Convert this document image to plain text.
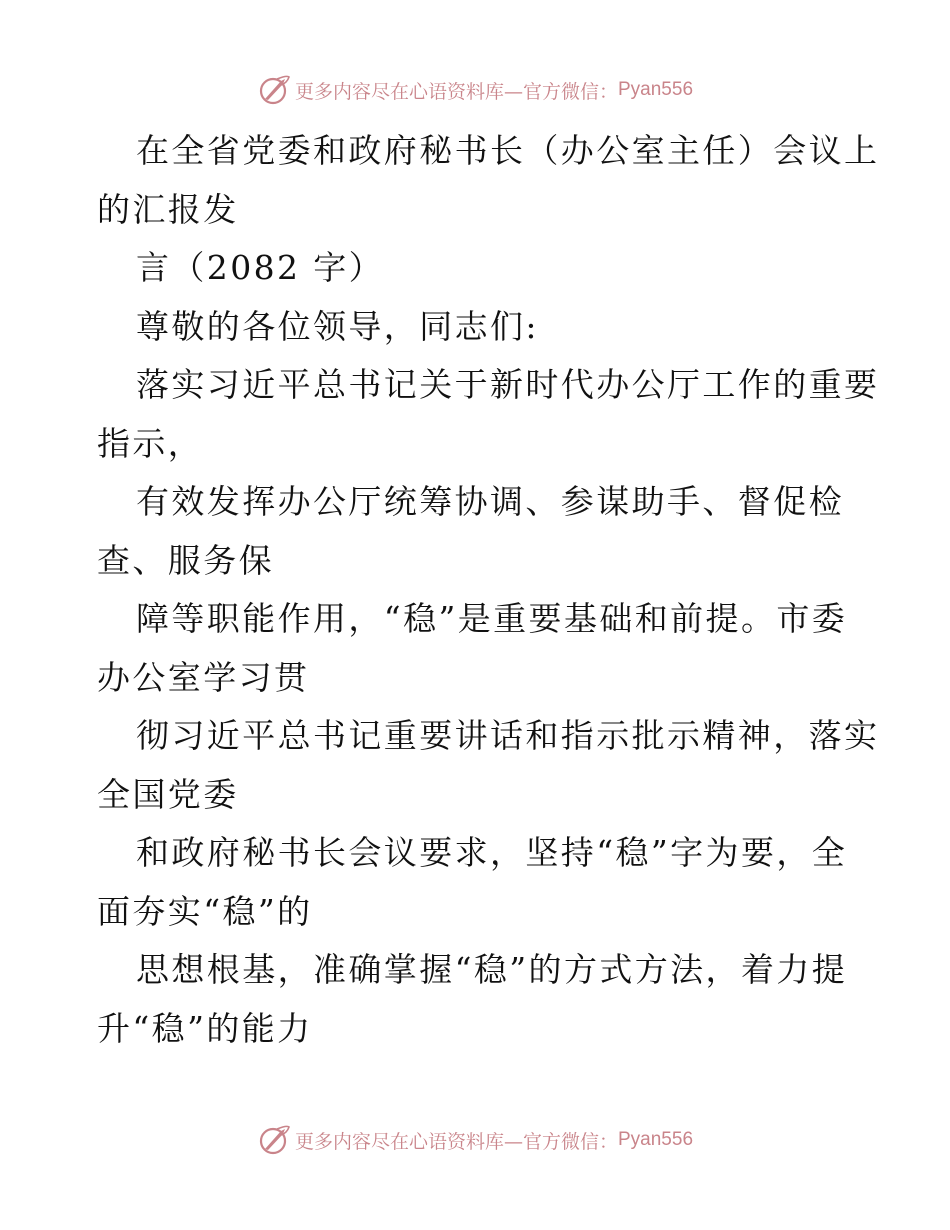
更多内容尽在心语资料库—官方微信： Pyan556
在全省党委和政府秘书长（办公室主任）会议上
的汇报发
言（2082 字）
尊敬的各位领导，同志们:
落实习近平总书记关于新时代办公厅工作的重要
指示，
有效发挥办公厅统筹协调、参谋助手、督促检
查、服务保
障等职能作用，“稳”是重要基础和前提。市委
办公室学习贯
彻习近平总书记重要讲话和指示批示精神，落实
全国党委
和政府秘书长会议要求，坚持“稳”字为要，全
面夯实“稳”的
思想根基，准确掌握“稳”的方式方法，着力提
升“稳”的能力
更多内容尽在心语资料库—官方微信： Pyan556
